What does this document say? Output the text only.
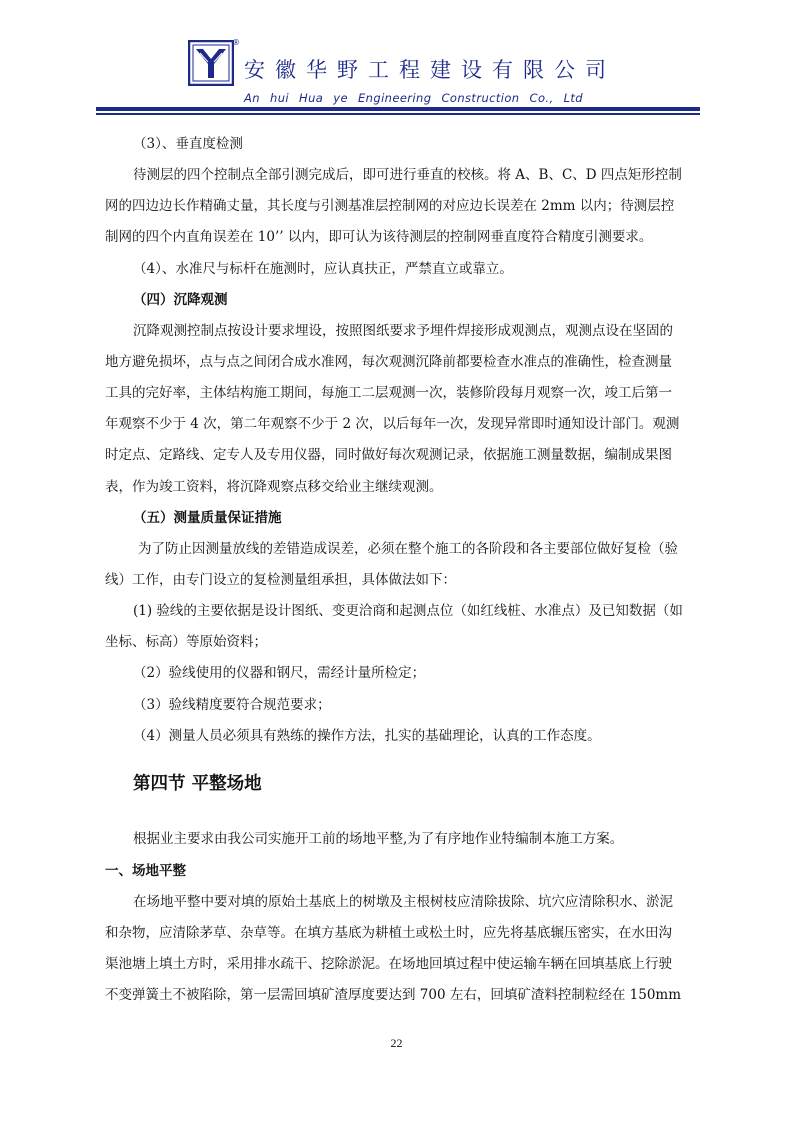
®
安徽华野工程建设有限公司
An hui Hua ye Engineering Construction Co., Ltd
（3）、垂直度检测
待测层的四个控制点全部引测完成后，即可进行垂直的校核。将 A、B、C、D 四点矩形控制
网的四边边长作精确丈量，其长度与引测基准层控制网的对应边长误差在 2mm 以内；待测层控
制网的四个内直角误差在 10’’ 以内，即可认为该待测层的控制网垂直度符合精度引测要求。
（4）、水准尺与标杆在施测时，应认真扶正，严禁直立或靠立。
（四）沉降观测
沉降观测控制点按设计要求埋设，按照图纸要求予埋件焊接形成观测点，观测点设在坚固的
地方避免损坏，点与点之间闭合成水准网，每次观测沉降前都要检查水准点的准确性，检查测量
工具的完好率，主体结构施工期间，每施工二层观测一次，装修阶段每月观察一次，竣工后第一
年观察不少于 4 次，第二年观察不少于 2 次，以后每年一次，发现异常即时通知设计部门。观测
时定点、定路线、定专人及专用仪器，同时做好每次观测记录，依据施工测量数据，编制成果图
表，作为竣工资料，将沉降观察点移交给业主继续观测。
（五）测量质量保证措施
为了防止因测量放线的差错造成误差，必须在整个施工的各阶段和各主要部位做好复检（验
线）工作，由专门设立的复检测量组承担，具体做法如下：
(1) 验线的主要依据是设计图纸、变更洽商和起测点位（如红线桩、水准点）及已知数据（如
坐标、标高）等原始资料；
（2）验线使用的仪器和钢尺，需经计量所检定；
（3）验线精度要符合规范要求；
（4）测量人员必须具有熟练的操作方法，扎实的基础理论，认真的工作态度。
根据业主要求由我公司实施开工前的场地平整,为了有序地作业特编制本施工方案。
一、场地平整
在场地平整中要对填的原始土基底上的树墩及主根树枝应清除拔除、坑穴应清除积水、淤泥
和杂物，应清除茅草、杂草等。在填方基底为耕植土或松土时，应先将基底辗压密实，在水田沟
渠池塘上填土方时，采用排水疏干、挖除淤泥。在场地回填过程中使运输车辆在回填基底上行驶
不变弹簧土不被陷除，第一层需回填矿渣厚度要达到 700 左右，回填矿渣料控制粒经在 150mm
第四节 平整场地
22
